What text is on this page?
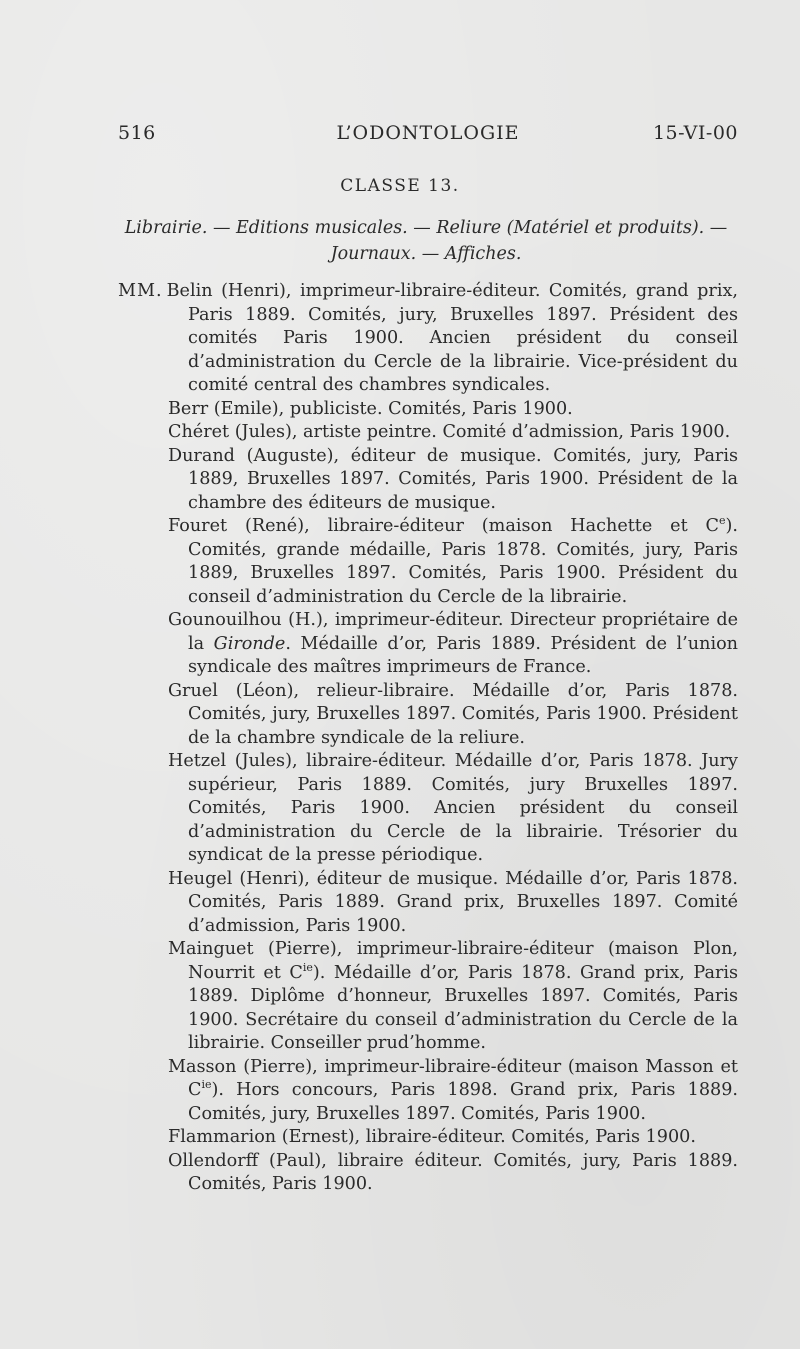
516	L’ODONTOLOGIE	15-VI-00
CLASSE 13.
Librairie. — Editions musicales. — Reliure (Matériel et produits). —
Journaux. — Affiches.

MM. Belin (Henri), imprimeur-libraire-éditeur. Comités, grand prix, Paris 1889. Comités, jury, Bruxelles 1897. Président des comités Paris 1900. Ancien président du conseil d’administration du Cercle de la librairie. Vice-président du comité central des chambres syndicales.

Berr (Emile), publiciste. Comités, Paris 1900.

Chéret (Jules), artiste peintre. Comité d’admission, Paris 1900.

Durand (Auguste), éditeur de musique. Comités, jury, Paris 1889, Bruxelles 1897. Comités, Paris 1900. Président de la chambre des éditeurs de musique.

Fouret (René), libraire-éditeur (maison Hachette et Ce). Comités, grande médaille, Paris 1878. Comités, jury, Paris 1889, Bruxelles 1897. Comités, Paris 1900. Président du conseil d’administration du Cercle de la librairie.

Gounouilhou (H.), imprimeur-éditeur. Directeur propriétaire de la Gironde. Médaille d’or, Paris 1889. Président de l’union syndicale des maîtres imprimeurs de France.

Gruel (Léon), relieur-libraire. Médaille d’or, Paris 1878. Comités, jury, Bruxelles 1897. Comités, Paris 1900. Président de la chambre syndicale de la reliure.

Hetzel (Jules), libraire-éditeur. Médaille d’or, Paris 1878. Jury supérieur, Paris 1889. Comités, jury Bruxelles 1897. Comités, Paris 1900. Ancien président du conseil d’administration du Cercle de la librairie. Trésorier du syndicat de la presse périodique.

Heugel (Henri), éditeur de musique. Médaille d’or, Paris 1878. Comités, Paris 1889. Grand prix, Bruxelles 1897. Comité d’admission, Paris 1900.

Mainguet (Pierre), imprimeur-libraire-éditeur (maison Plon, Nourrit et $C^{ie}$). Médaille d’or, Paris 1878. Grand prix, Paris 1889. Diplôme d’honneur, Bruxelles 1897. Comités, Paris 1900. Secrétaire du conseil d’administration du Cercle de la librairie. Conseiller prud’homme.

Masson (Pierre), imprimeur-libraire-éditeur (maison Masson et $C^{ie}$). Hors concours, Paris 1898. Grand prix, Paris 1889. Comités, jury, Bruxelles 1897. Comités, Paris 1900.

Flammarion (Ernest), libraire-éditeur. Comités, Paris 1900.

Ollendorff (Paul), libraire éditeur. Comités, jury, Paris 1889. Comités, Paris 1900.
